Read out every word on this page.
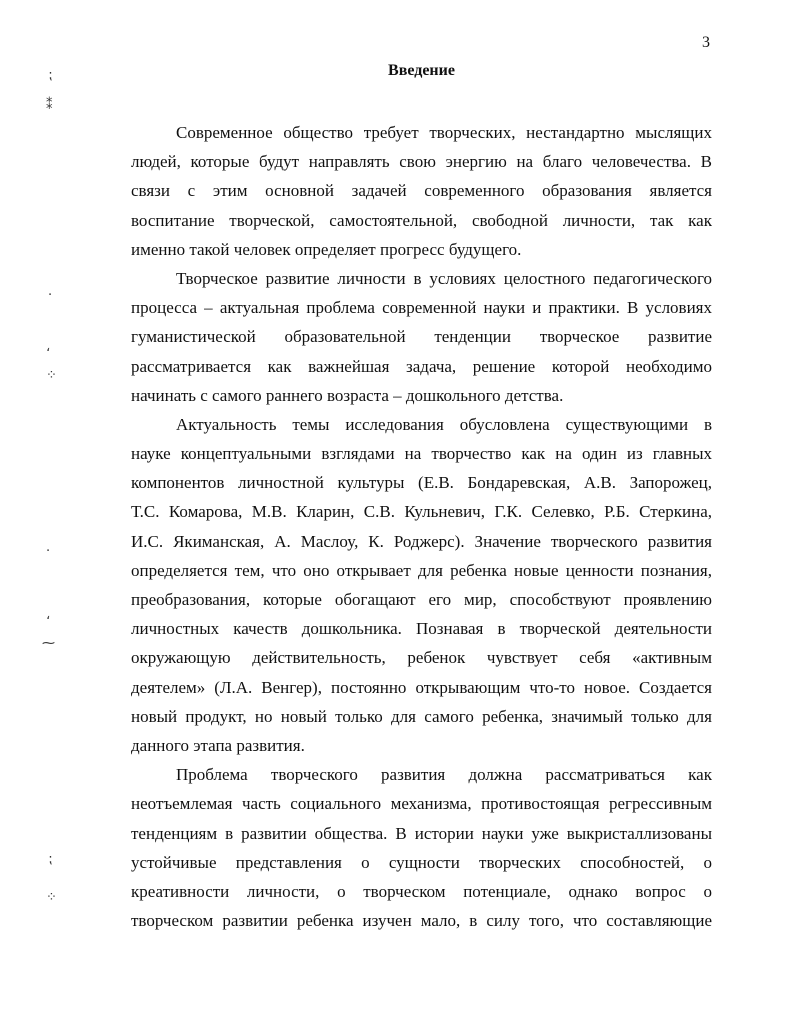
3
Введение
⁏
⁑
·
،
⁘
·
،
⁓
⁏
⁘
Современное общество требует творческих, нестандартно мыслящих
людей, которые будут направлять свою энергию на благо человечества. В
связи с этим основной задачей современного образования является
воспитание творческой, самостоятельной, свободной личности, так как
именно такой человек определяет прогресс будущего.
Творческое развитие личности в условиях целостного педагогического
процесса – актуальная проблема современной науки и практики. В условиях
гуманистической образовательной тенденции творческое развитие
рассматривается как важнейшая задача, решение которой необходимо
начинать с самого раннего возраста – дошкольного детства.
Актуальность темы исследования обусловлена существующими в
науке концептуальными взглядами на творчество как на один из главных
компонентов личностной культуры (Е.В. Бондаревская, А.В. Запорожец,
Т.С. Комарова, М.В. Кларин, С.В. Кульневич, Г.К. Селевко, Р.Б. Стеркина,
И.С. Якиманская, А. Маслоу, К. Роджерс). Значение творческого развития
определяется тем, что оно открывает для ребенка новые ценности познания,
преобразования, которые обогащают его мир, способствуют проявлению
личностных качеств дошкольника. Познавая в творческой деятельности
окружающую действительность, ребенок чувствует себя «активным
деятелем» (Л.А. Венгер), постоянно открывающим что-то новое. Создается
новый продукт, но новый только для самого ребенка, значимый только для
данного этапа развития.
Проблема творческого развития должна рассматриваться как
неотъемлемая часть социального механизма, противостоящая регрессивным
тенденциям в развитии общества. В истории науки уже выкристаллизованы
устойчивые представления о сущности творческих способностей, о
креативности личности, о творческом потенциале, однако вопрос о
творческом развитии ребенка изучен мало, в силу того, что составляющие
